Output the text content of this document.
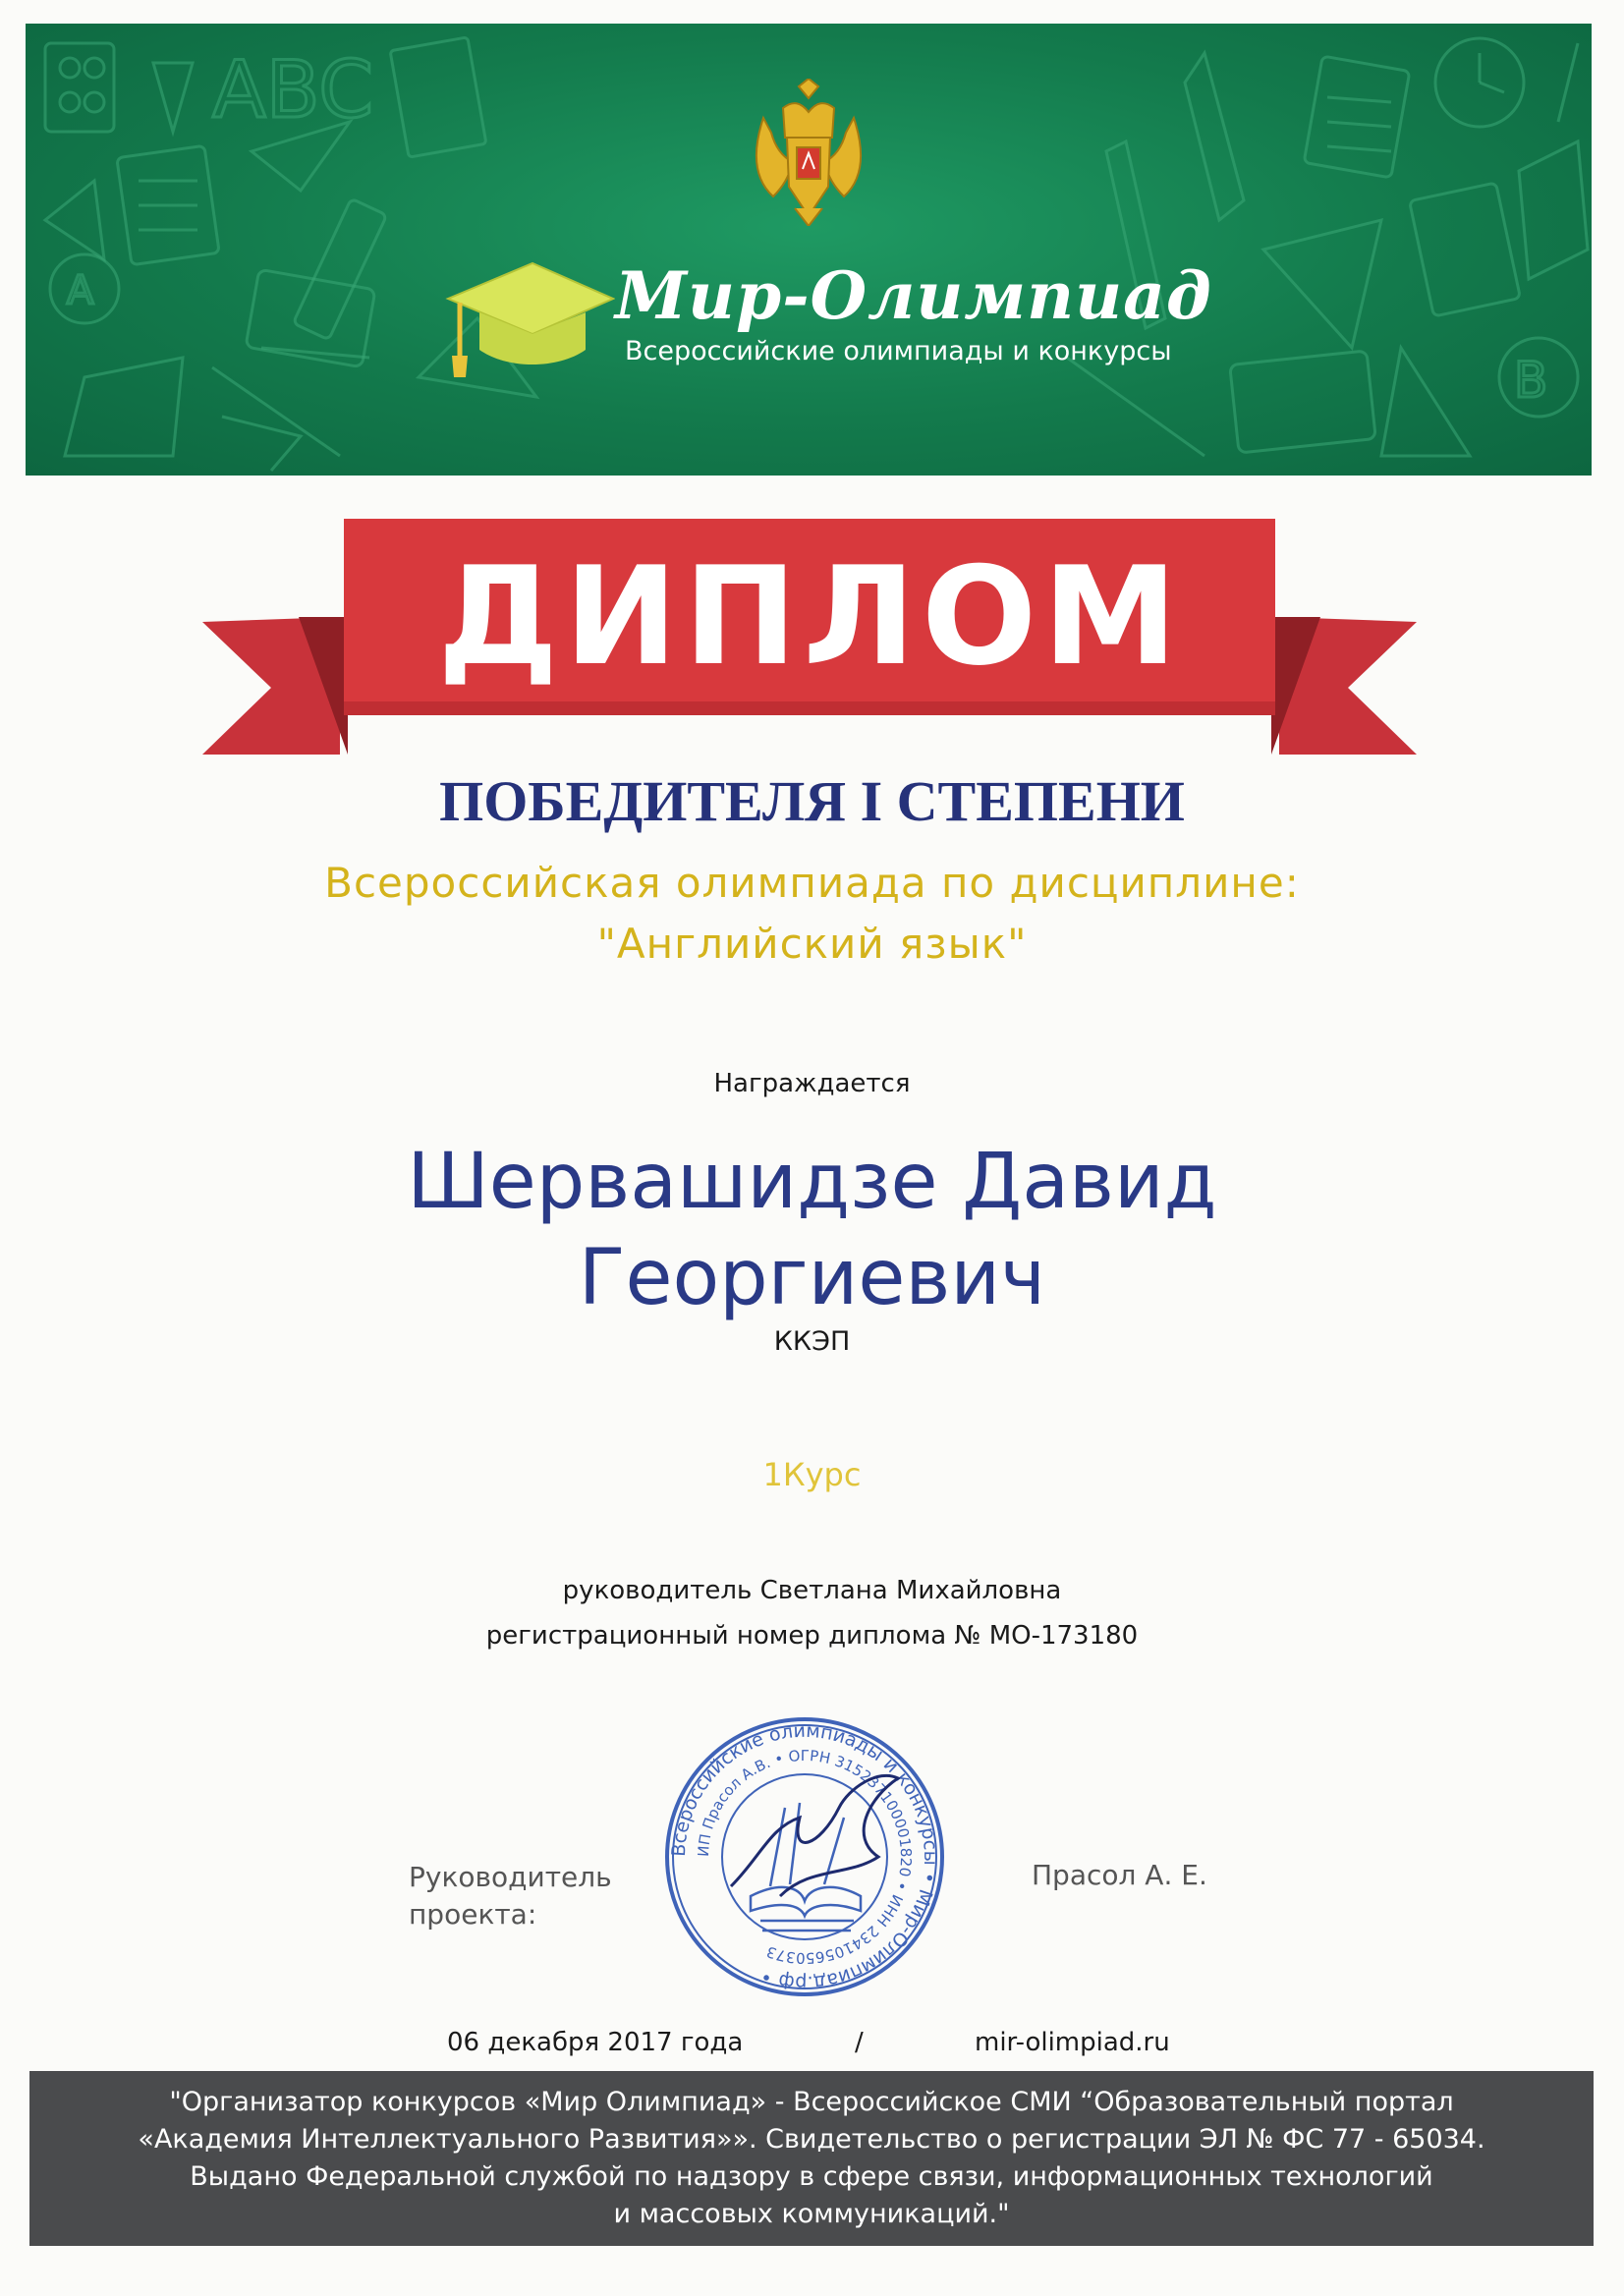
ABC
A
B
Мир-Олимпиад
Всероссийские олимпиады и конкурсы
ДИПЛОМ
ПОБЕДИТЕЛЯ I СТЕПЕНИ
Всероссийская олимпиада по дисциплине:
"Английский язык"
Награждается
Шервашидзе Давид
Георгиевич
ККЭП
1Курс
руководитель Светлана Михайловна
регистрационный номер диплома № МО-173180
Руководитель проекта:
Прасол А. Е.
Всероссийские олимпиады и конкурсы • Мир-Олимпиад.рф •
ИП Прасол А.В. • ОГРН 315237100001820 • ИНН 234105650373
06 декабря 2017 года	/	mir-olimpiad.ru
"Организатор конкурсов «Мир Олимпиад» - Всероссийское СМИ “Образовательный портал
«Академия Интеллектуального Развития»». Свидетельство о регистрации ЭЛ № ФС 77 - 65034.
Выдано Федеральной службой по надзору в сфере связи, информационных технологий
и массовых коммуникаций."
